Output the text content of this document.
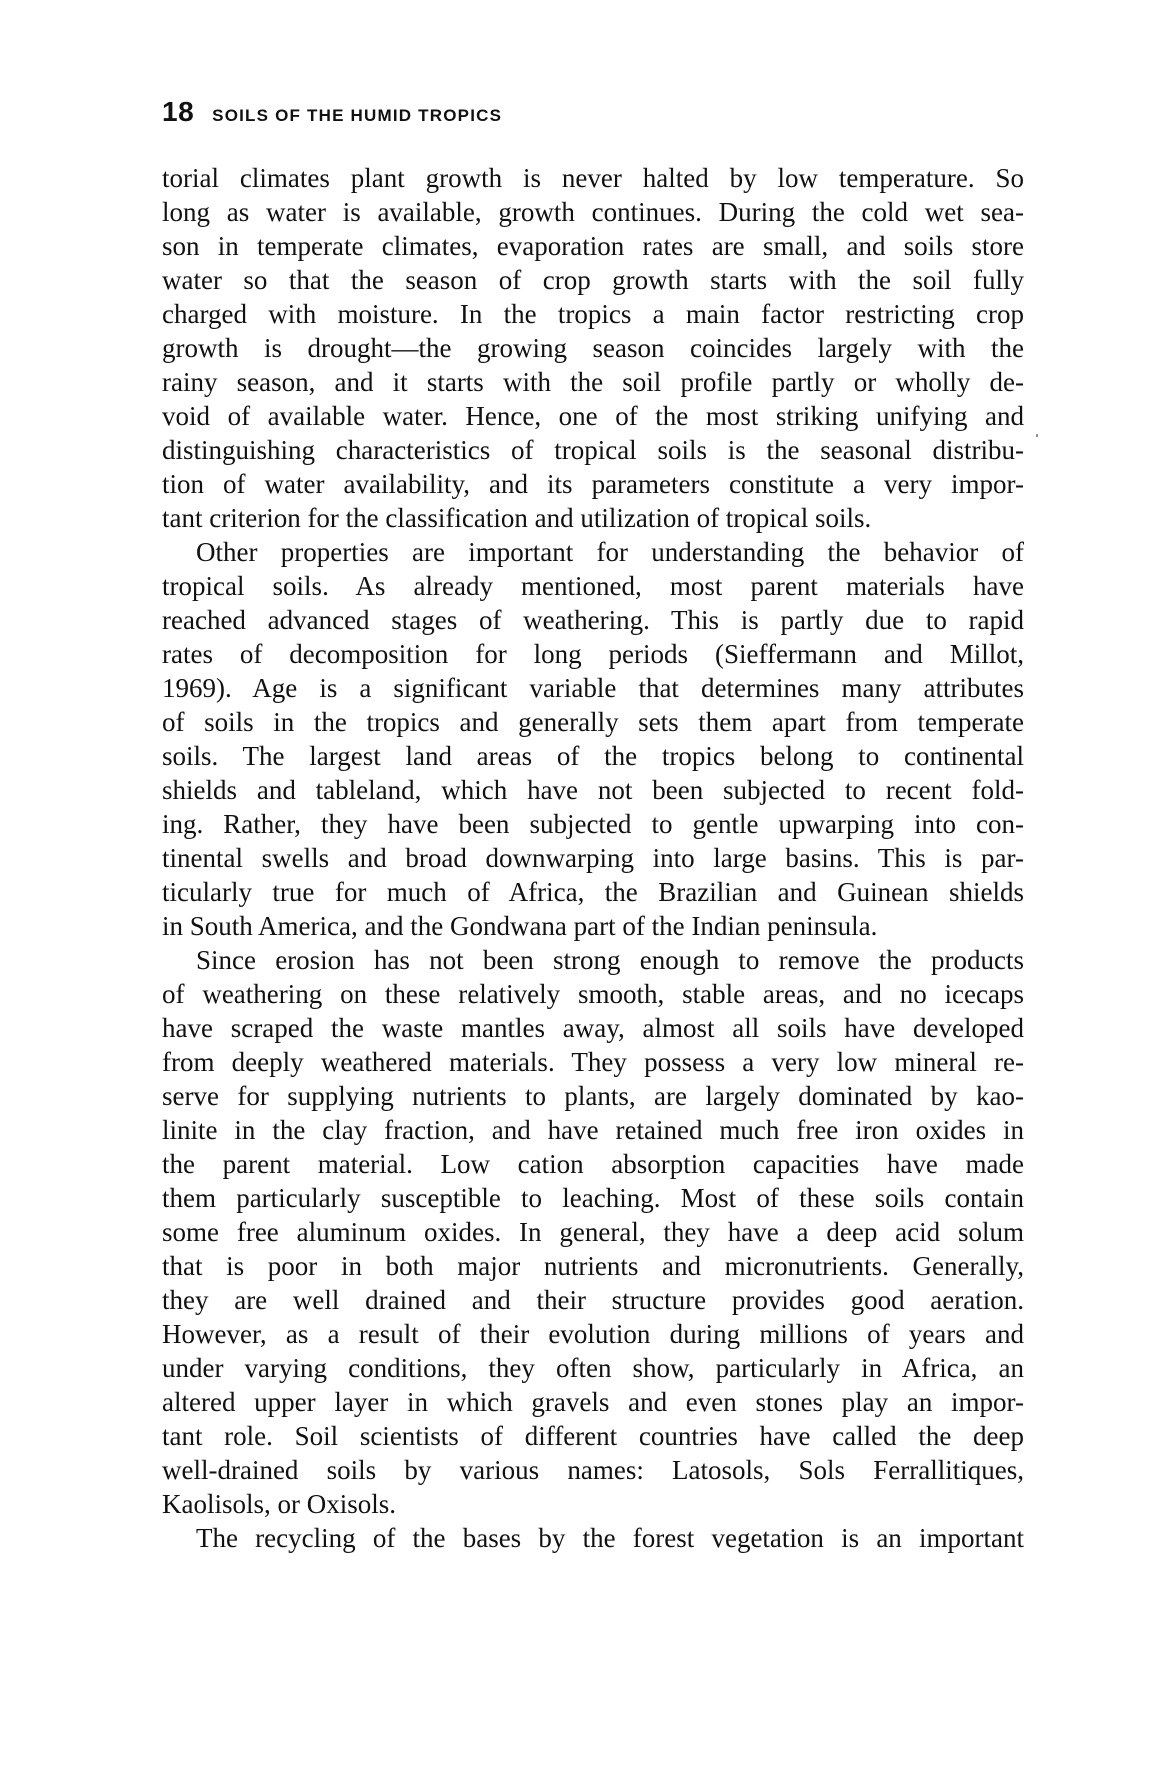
18 SOILS OF THE HUMID TROPICS
ˌ
torial climates plant growth is never halted by low temperature. So
long as water is available, growth continues. During the cold wet sea-
son in temperate climates, evaporation rates are small, and soils store
water so that the season of crop growth starts with the soil fully
charged with moisture. In the tropics a main factor restricting crop
growth is drought—the growing season coincides largely with the
rainy season, and it starts with the soil profile partly or wholly de-
void of available water. Hence, one of the most striking unifying and
distinguishing characteristics of tropical soils is the seasonal distribu-
tion of water availability, and its parameters constitute a very impor-
tant criterion for the classification and utilization of tropical soils.
Other properties are important for understanding the behavior of
tropical soils. As already mentioned, most parent materials have
reached advanced stages of weathering. This is partly due to rapid
rates of decomposition for long periods (Sieffermann and Millot,
1969). Age is a significant variable that determines many attributes
of soils in the tropics and generally sets them apart from temperate
soils. The largest land areas of the tropics belong to continental
shields and tableland, which have not been subjected to recent fold-
ing. Rather, they have been subjected to gentle upwarping into con-
tinental swells and broad downwarping into large basins. This is par-
ticularly true for much of Africa, the Brazilian and Guinean shields
in South America, and the Gondwana part of the Indian peninsula.
Since erosion has not been strong enough to remove the products
of weathering on these relatively smooth, stable areas, and no icecaps
have scraped the waste mantles away, almost all soils have developed
from deeply weathered materials. They possess a very low mineral re-
serve for supplying nutrients to plants, are largely dominated by kao-
linite in the clay fraction, and have retained much free iron oxides in
the parent material. Low cation absorption capacities have made
them particularly susceptible to leaching. Most of these soils contain
some free aluminum oxides. In general, they have a deep acid solum
that is poor in both major nutrients and micronutrients. Generally,
they are well drained and their structure provides good aeration.
However, as a result of their evolution during millions of years and
under varying conditions, they often show, particularly in Africa, an
altered upper layer in which gravels and even stones play an impor-
tant role. Soil scientists of different countries have called the deep
well-drained soils by various names: Latosols, Sols Ferrallitiques,
Kaolisols, or Oxisols.
The recycling of the bases by the forest vegetation is an important
